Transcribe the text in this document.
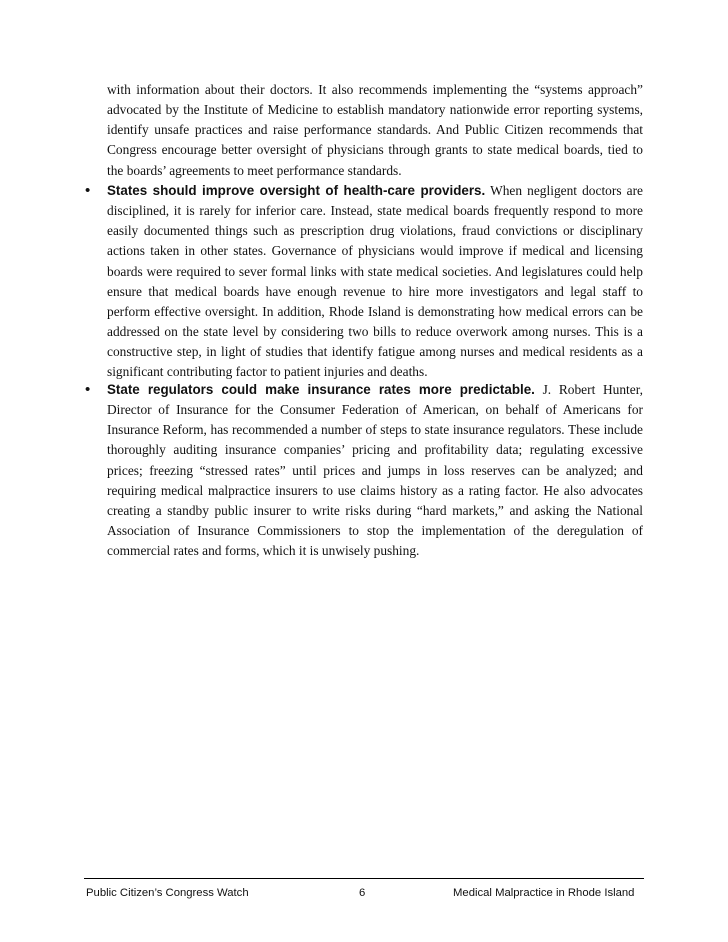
with information about their doctors. It also recommends implementing the “systems approach” advocated by the Institute of Medicine to establish mandatory nationwide error reporting systems, identify unsafe practices and raise performance standards. And Public Citizen recommends that Congress encourage better oversight of physicians through grants to state medical boards, tied to the boards’ agreements to meet performance standards.

• States should improve oversight of health-care providers. When negligent doctors are disciplined, it is rarely for inferior care. Instead, state medical boards frequently respond to more easily documented things such as prescription drug violations, fraud convictions or disciplinary actions taken in other states. Governance of physicians would improve if medical and licensing boards were required to sever formal links with state medical societies. And legislatures could help ensure that medical boards have enough revenue to hire more investigators and legal staff to perform effective oversight. In addition, Rhode Island is demonstrating how medical errors can be addressed on the state level by considering two bills to reduce overwork among nurses. This is a constructive step, in light of studies that identify fatigue among nurses and medical residents as a significant contributing factor to patient injuries and deaths.

• State regulators could make insurance rates more predictable. J. Robert Hunter, Director of Insurance for the Consumer Federation of American, on behalf of Americans for Insurance Reform, has recommended a number of steps to state insurance regulators. These include thoroughly auditing insurance companies’ pricing and profitability data; regulating excessive prices; freezing “stressed rates” until prices and jumps in loss reserves can be analyzed; and requiring medical malpractice insurers to use claims history as a rating factor. He also advocates creating a standby public insurer to write risks during “hard markets,” and asking the National Association of Insurance Commissioners to stop the implementation of the deregulation of commercial rates and forms, which it is unwisely pushing.

Public Citizen’s Congress Watch	6	Medical Malpractice in Rhode Island
